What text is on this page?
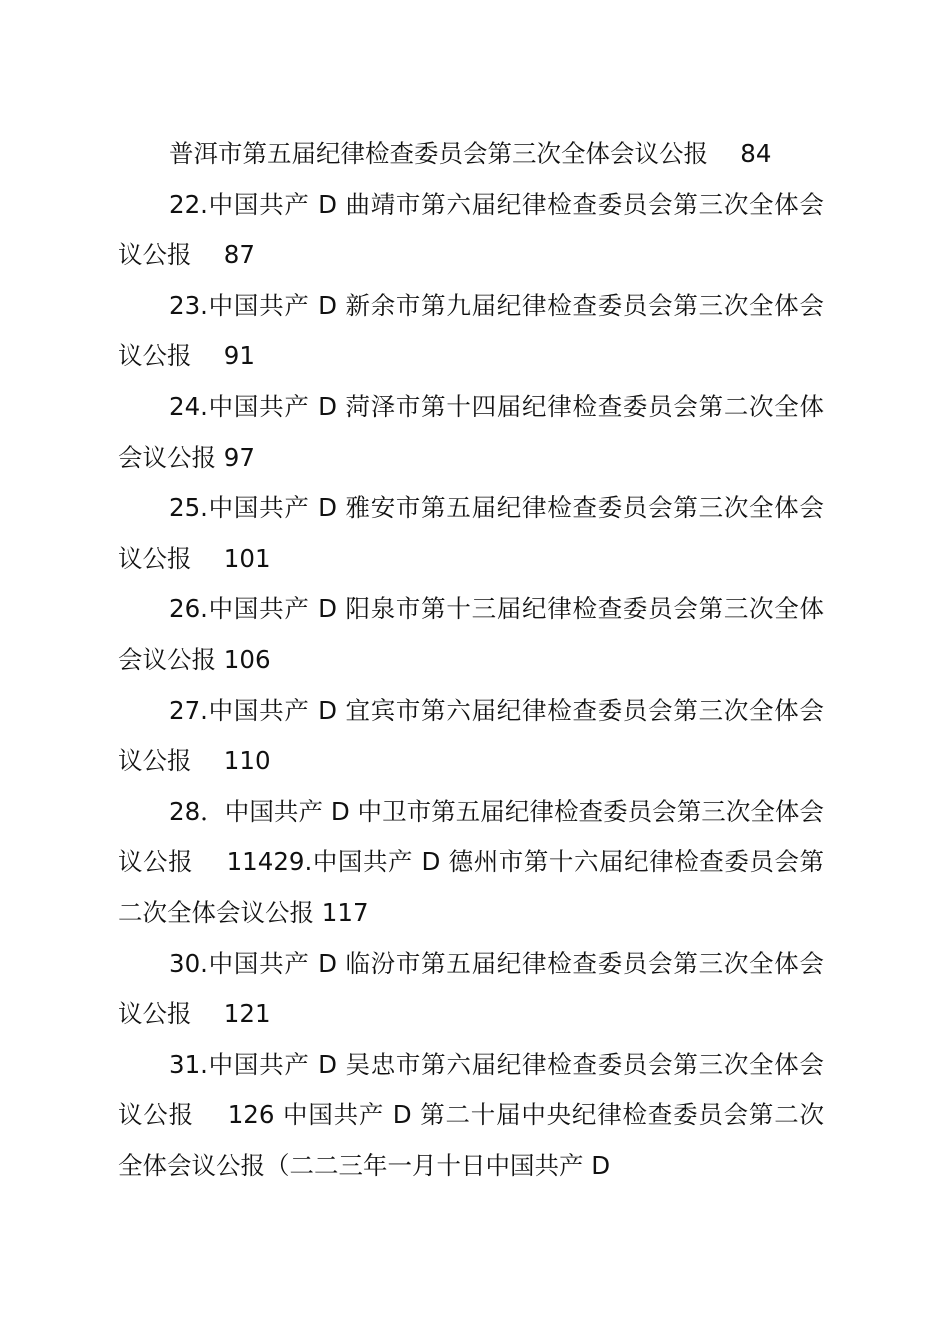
普洱市第五届纪律检查委员会第三次全体会议公报　 84

22.中国共产 D 曲靖市第六届纪律检查委员会第三次全体会议公报　 87

23.中国共产 D 新余市第九届纪律检查委员会第三次全体会议公报　 91

24.中国共产 D 菏泽市第十四届纪律检查委员会第二次全体会议公报 97

25.中国共产 D 雅安市第五届纪律检查委员会第三次全体会议公报　 101

26.中国共产 D 阳泉市第十三届纪律检查委员会第三次全体会议公报 106

27.中国共产 D 宜宾市第六届纪律检查委员会第三次全体会议公报　 110

28．中国共产 D 中卫市第五届纪律检查委员会第三次全体会议公报　 11429.中国共产 D 德州市第十六届纪律检查委员会第二次全体会议公报 117

30.中国共产 D 临汾市第五届纪律检查委员会第三次全体会议公报　 121

31.中国共产 D 吴忠市第六届纪律检查委员会第三次全体会议公报　 126 中国共产 D 第二十届中央纪律检查委员会第二次全体会议公报（二二三年一月十日中国共产 D
